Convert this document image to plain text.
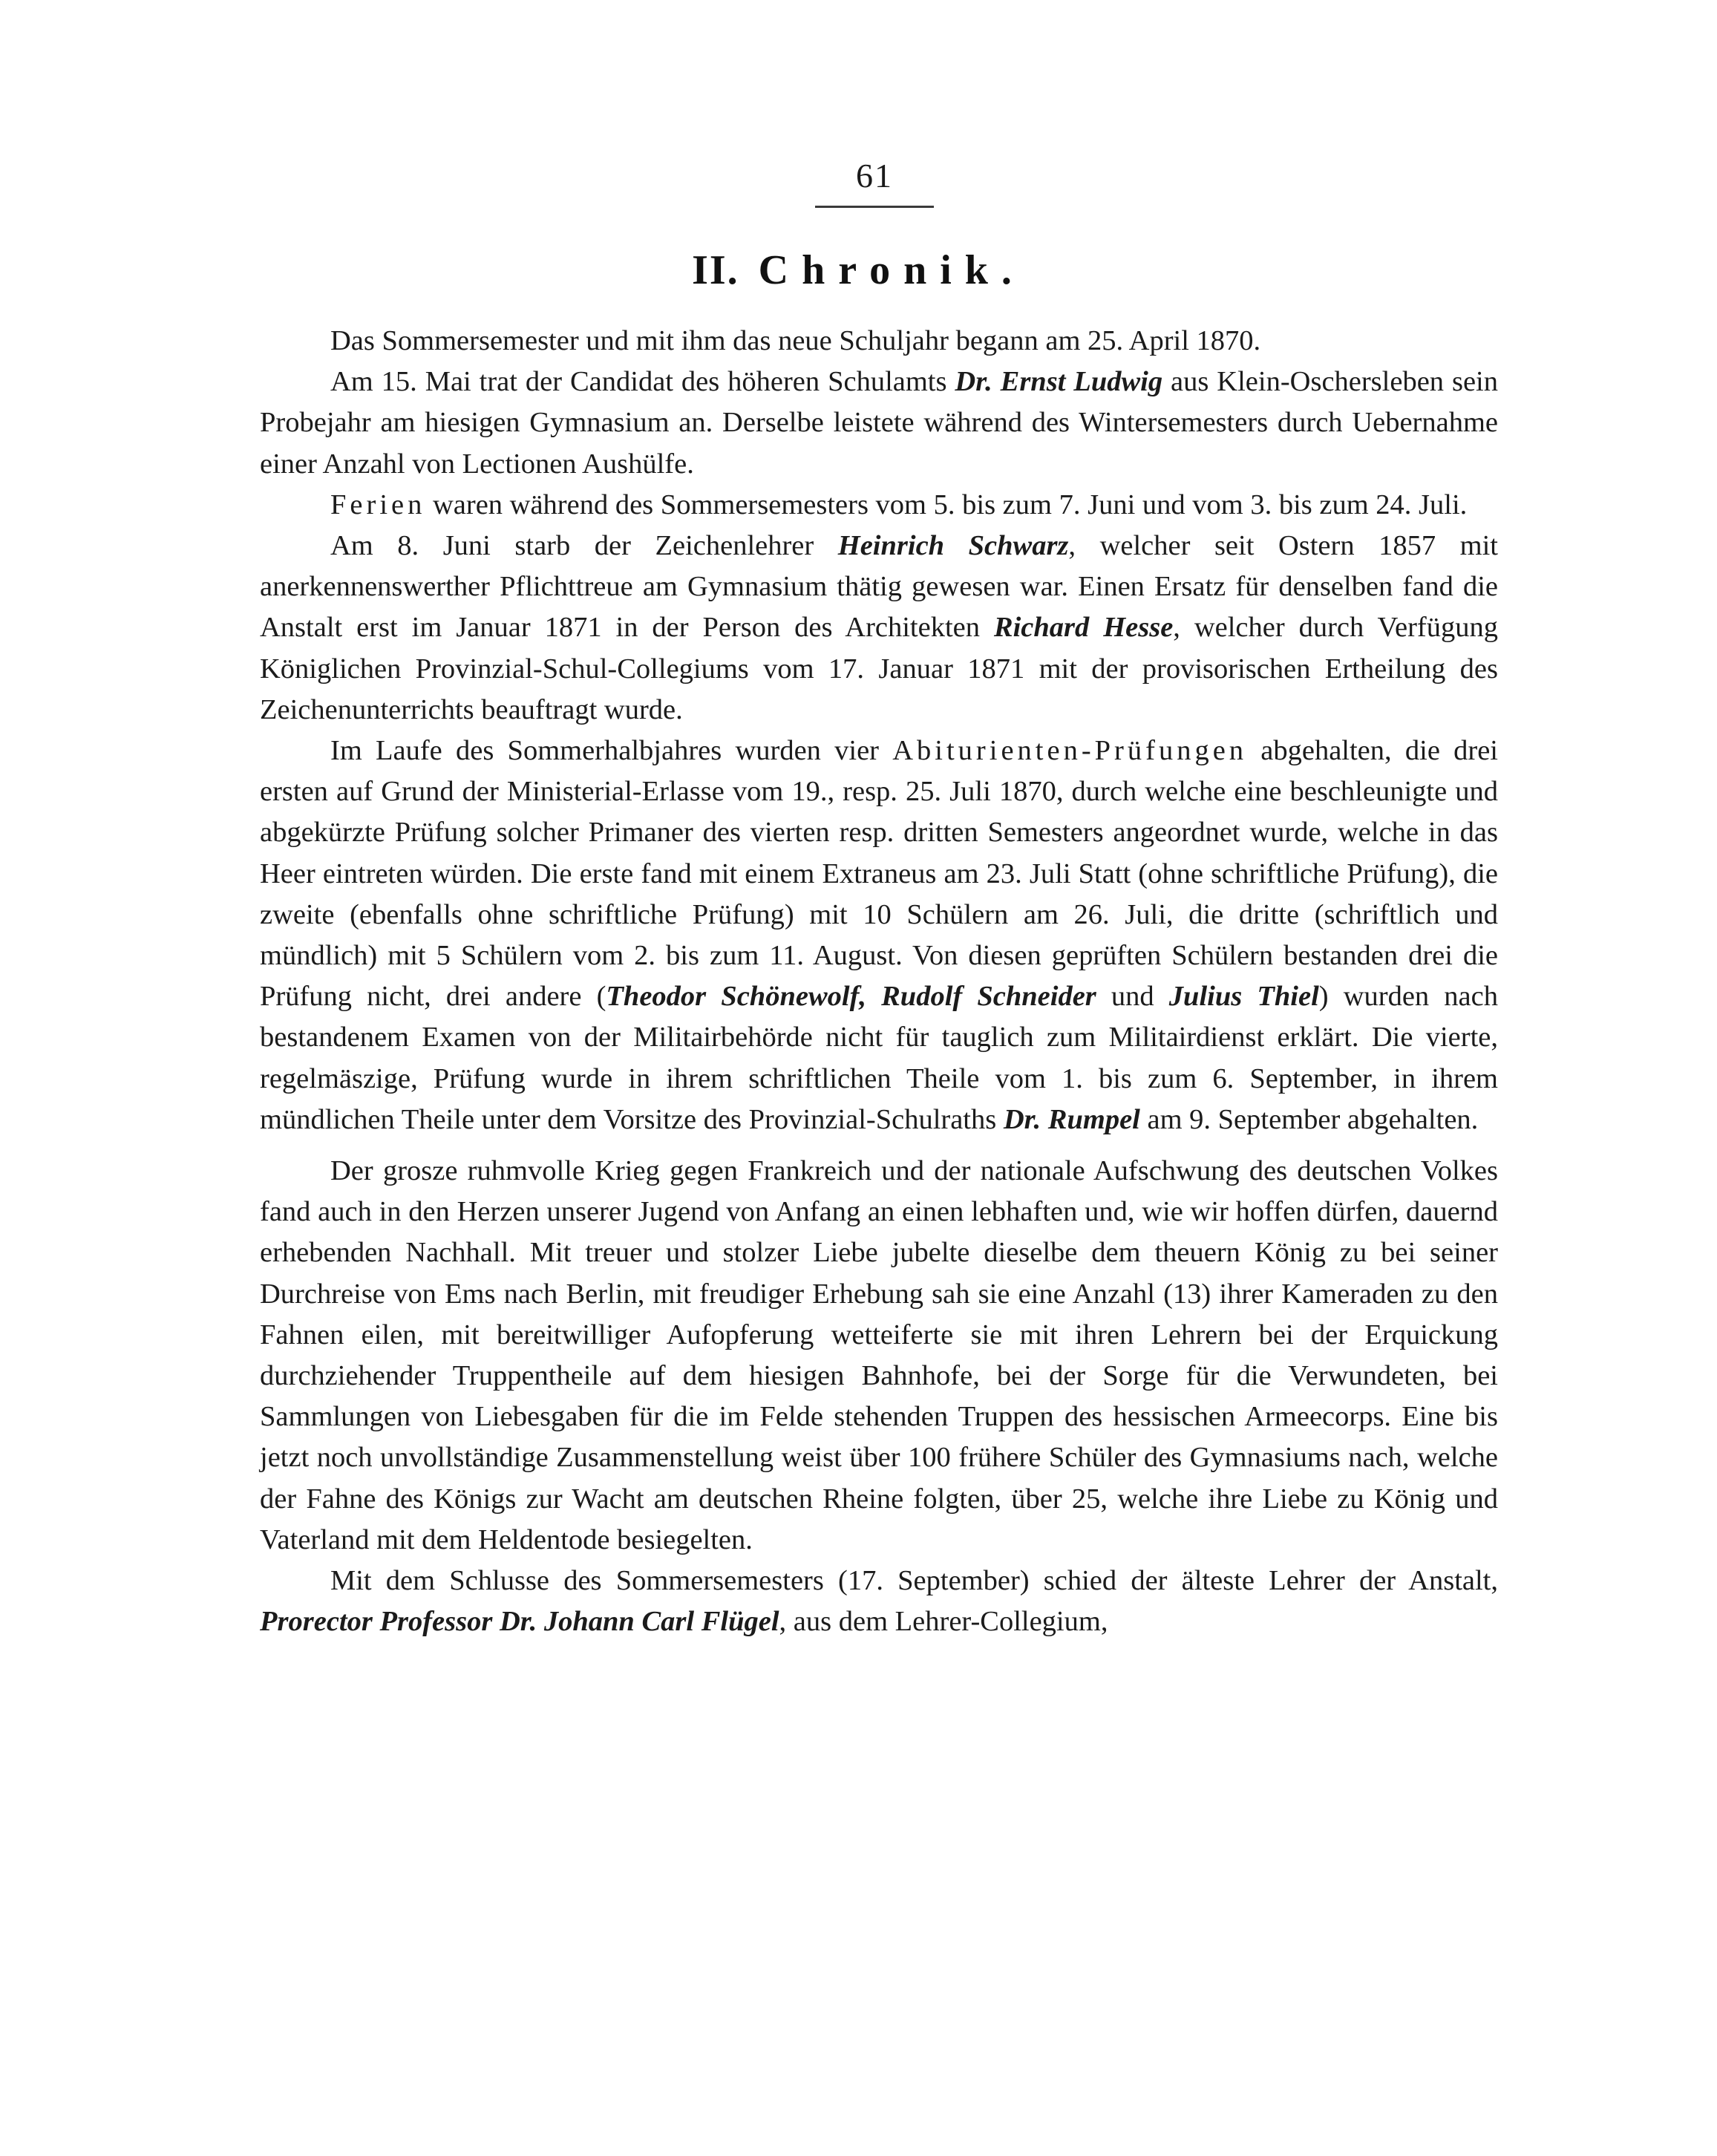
61
II. Chronik.

Das Sommersemester und mit ihm das neue Schuljahr begann am 25. April 1870.

Am 15. Mai trat der Candidat des höheren Schulamts Dr. Ernst Ludwig aus Klein-Oschersleben sein Probejahr am hiesigen Gymnasium an. Derselbe leistete während des Wintersemesters durch Uebernahme einer Anzahl von Lectionen Aushülfe.

Ferien waren während des Sommersemesters vom 5. bis zum 7. Juni und vom 3. bis zum 24. Juli.

Am 8. Juni starb der Zeichenlehrer Heinrich Schwarz, welcher seit Ostern 1857 mit anerkennenswerther Pflichttreue am Gymnasium thätig gewesen war. Einen Ersatz für denselben fand die Anstalt erst im Januar 1871 in der Person des Architekten Richard Hesse, welcher durch Verfügung Königlichen Provinzial-Schul-Collegiums vom 17. Januar 1871 mit der provisorischen Ertheilung des Zeichenunterrichts beauftragt wurde.

Im Laufe des Sommerhalbjahres wurden vier Abiturienten-Prüfungen abgehalten, die drei ersten auf Grund der Ministerial-Erlasse vom 19., resp. 25. Juli 1870, durch welche eine beschleunigte und abgekürzte Prüfung solcher Primaner des vierten resp. dritten Semesters angeordnet wurde, welche in das Heer eintreten würden. Die erste fand mit einem Extraneus am 23. Juli Statt (ohne schriftliche Prüfung), die zweite (ebenfalls ohne schriftliche Prüfung) mit 10 Schülern am 26. Juli, die dritte (schriftlich und mündlich) mit 5 Schülern vom 2. bis zum 11. August. Von diesen geprüften Schülern bestanden drei die Prüfung nicht, drei andere (Theodor Schönewolf, Rudolf Schneider und Julius Thiel) wurden nach bestandenem Examen von der Militairbehörde nicht für tauglich zum Militairdienst erklärt. Die vierte, regelmäszige, Prüfung wurde in ihrem schriftlichen Theile vom 1. bis zum 6. September, in ihrem mündlichen Theile unter dem Vorsitze des Provinzial-Schulraths Dr. Rumpel am 9. September abgehalten.

Der grosze ruhmvolle Krieg gegen Frankreich und der nationale Aufschwung des deutschen Volkes fand auch in den Herzen unserer Jugend von Anfang an einen lebhaften und, wie wir hoffen dürfen, dauernd erhebenden Nachhall. Mit treuer und stolzer Liebe jubelte dieselbe dem theuern König zu bei seiner Durchreise von Ems nach Berlin, mit freudiger Erhebung sah sie eine Anzahl (13) ihrer Kameraden zu den Fahnen eilen, mit bereitwilliger Aufopferung wetteiferte sie mit ihren Lehrern bei der Erquickung durchziehender Truppentheile auf dem hiesigen Bahnhofe, bei der Sorge für die Verwundeten, bei Sammlungen von Liebesgaben für die im Felde stehenden Truppen des hessischen Armeecorps. Eine bis jetzt noch unvollständige Zusammenstellung weist über 100 frühere Schüler des Gymnasiums nach, welche der Fahne des Königs zur Wacht am deutschen Rheine folgten, über 25, welche ihre Liebe zu König und Vaterland mit dem Heldentode besiegelten.

Mit dem Schlusse des Sommersemesters (17. September) schied der älteste Lehrer der Anstalt, Prorector Professor Dr. Johann Carl Flügel, aus dem Lehrer-Collegium,
